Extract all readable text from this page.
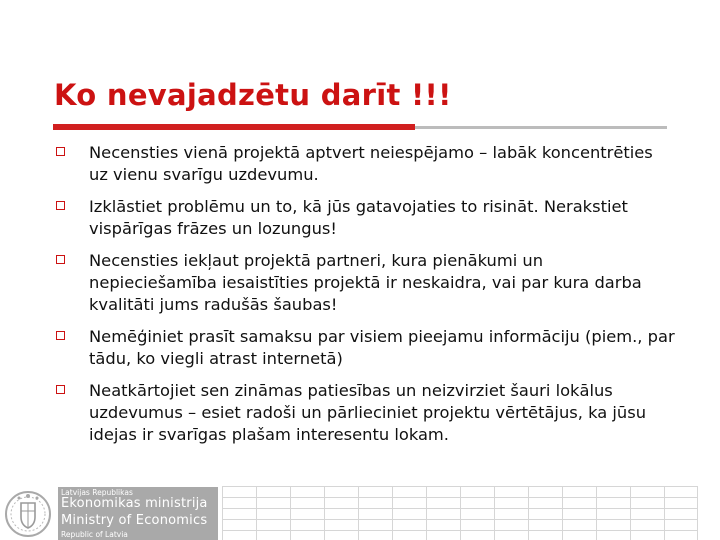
Ko nevajadzētu darīt !!!
Necensties vienā projektā aptvert neiespējamo – labāk koncentrēties uz vienu svarīgu uzdevumu.
Izklāstiet problēmu un to, kā jūs gatavojaties to risināt. Nerakstiet vispārīgas frāzes un lozungus!
Necensties iekļaut projektā partneri, kura pienākumi un nepieciešamība iesaistīties projektā ir neskaidra, vai par kura darba kvalitāti jums radušās šaubas!
Nemēģiniet prasīt samaksu par visiem pieejamu informāciju (piem., par tādu, ko viegli atrast internetā)
Neatkārtojiet sen zināmas patiesības un neizvirziet šauri lokālus uzdevumus – esiet radoši un pārlieciniet projektu vērtētājus, ka jūsu idejas ir svarīgas plašam interesentu lokam.
Latvijas Republikas
Ekonomikas ministrija
Ministry of Economics
Republic of Latvia
